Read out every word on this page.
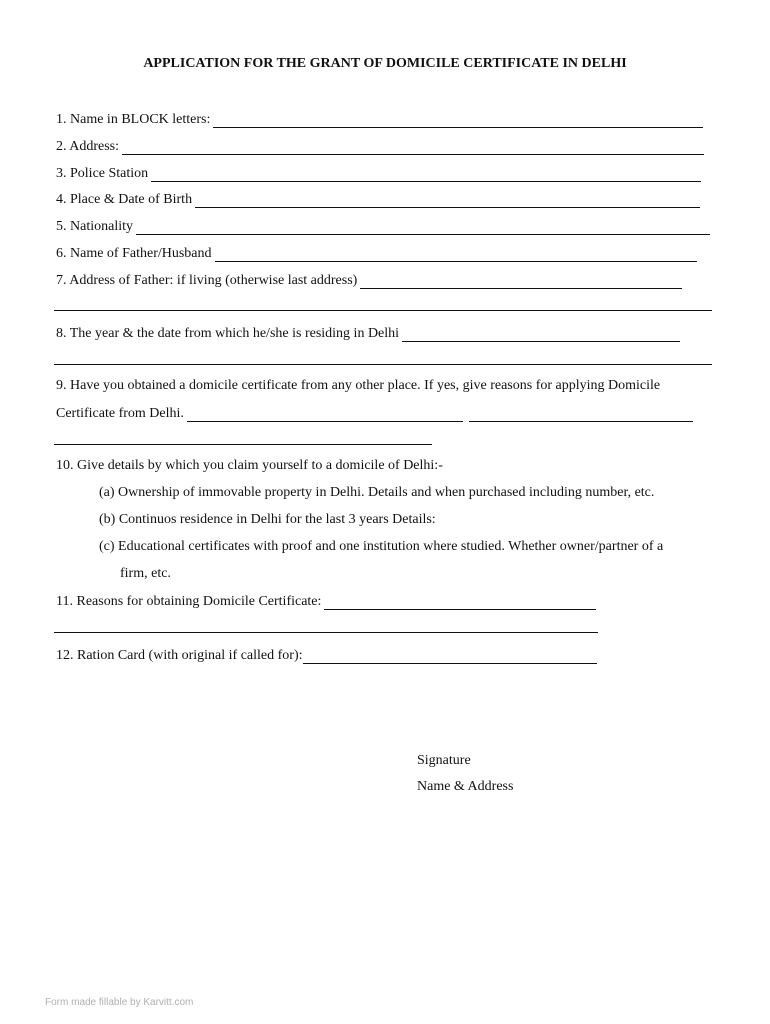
APPLICATION FOR THE GRANT OF DOMICILE CERTIFICATE IN DELHI
1. Name in BLOCK letters:
2. Address:
3. Police Station
4. Place & Date of Birth
5. Nationality
6. Name of Father/Husband
7. Address of Father: if living (otherwise last address)
8. The year & the date from which he/she is residing in Delhi
9. Have you obtained a domicile certificate from any other place. If yes, give reasons for applying Domicile
Certificate from Delhi.
10. Give details by which you claim yourself to a domicile of Delhi:-
(a) Ownership of immovable property in Delhi. Details and when purchased including number, etc.
(b) Continuos residence in Delhi for the last 3 years Details:
(c) Educational certificates with proof and one institution where studied. Whether owner/partner of a
firm, etc.
11. Reasons for obtaining Domicile Certificate:
12. Ration Card (with original if called for):
Signature
Name & Address
Form made fillable by Karvitt.com
